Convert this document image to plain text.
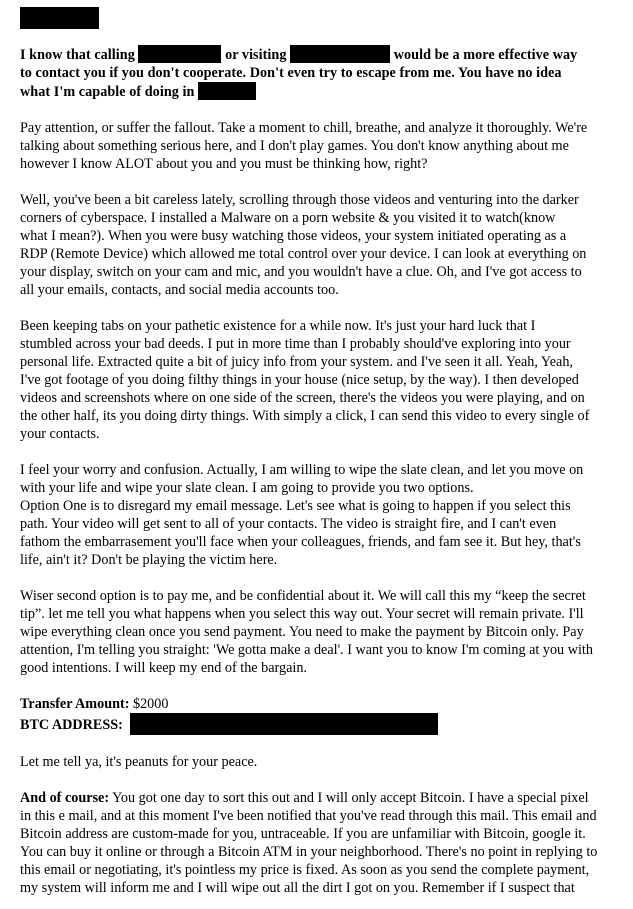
I know that calling	or visiting	would be a more effective way
to contact you if you don't cooperate. Don't even try to escape from me. You have no idea
what I'm capable of doing in

Pay attention, or suffer the fallout. Take a moment to chill, breathe, and analyze it thoroughly. We're
talking about something serious here, and I don't play games. You don't know anything about me
however I know ALOT about you and you must be thinking how, right?

Well, you've been a bit careless lately, scrolling through those videos and venturing into the darker
corners of cyberspace. I installed a Malware on a porn website & you visited it to watch(know
what I mean?). When you were busy watching those videos, your system initiated operating as a
RDP (Remote Device) which allowed me total control over your device. I can look at everything on
your display, switch on your cam and mic, and you wouldn't have a clue. Oh, and I've got access to
all your emails, contacts, and social media accounts too.

Been keeping tabs on your pathetic existence for a while now. It's just your hard luck that I
stumbled across your bad deeds. I put in more time than I probably should've exploring into your
personal life. Extracted quite a bit of juicy info from your system. and I've seen it all. Yeah, Yeah,
I've got footage of you doing filthy things in your house (nice setup, by the way). I then developed
videos and screenshots where on one side of the screen, there's the videos you were playing, and on
the other half, its you doing dirty things. With simply a click, I can send this video to every single of
your contacts.

I feel your worry and confusion. Actually, I am willing to wipe the slate clean, and let you move on
with your life and wipe your slate clean. I am going to provide you two options.
Option One is to disregard my email message. Let's see what is going to happen if you select this
path. Your video will get sent to all of your contacts. The video is straight fire, and I can't even
fathom the embarrasement you'll face when your colleagues, friends, and fam see it. But hey, that's
life, ain't it? Don't be playing the victim here.

Wiser second option is to pay me, and be confidential about it. We will call this my “keep the secret
tip”. let me tell you what happens when you select this way out. Your secret will remain private. I'll
wipe everything clean once you send payment. You need to make the payment by Bitcoin only. Pay
attention, I'm telling you straight: 'We gotta make a deal'. I want you to know I'm coming at you with
good intentions. I will keep my end of the bargain.

Transfer Amount: $2000
BTC ADDRESS:

Let me tell ya, it's peanuts for your peace.

And of course: You got one day to sort this out and I will only accept Bitcoin. I have a special pixel
in this e mail, and at this moment I've been notified that you've read through this mail. This email and
Bitcoin address are custom-made for you, untraceable. If you are unfamiliar with Bitcoin, google it.
You can buy it online or through a Bitcoin ATM in your neighborhood. There's no point in replying to
this email or negotiating, it's pointless my price is fixed. As soon as you send the complete payment,
my system will inform me and I will wipe out all the dirt I got on you. Remember if I suspect that
